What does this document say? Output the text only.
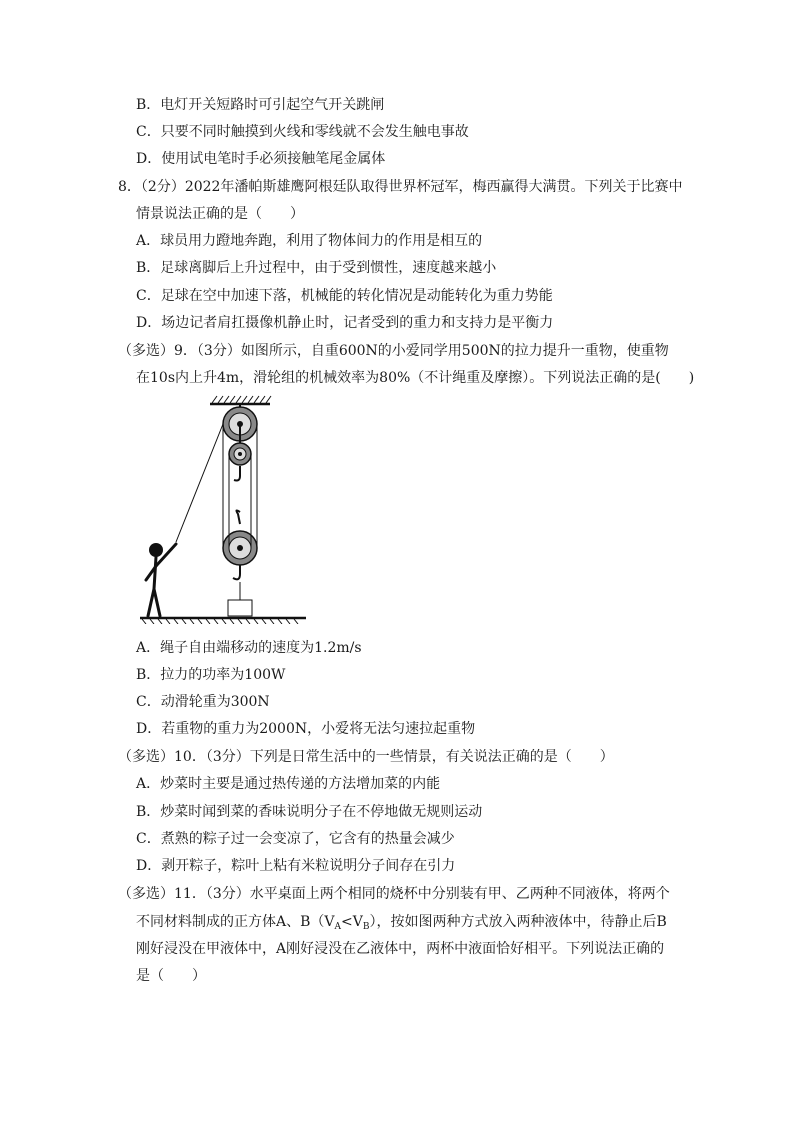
B．电灯开关短路时可引起空气开关跳闸
C．只要不同时触摸到火线和零线就不会发生触电事故
D．使用试电笔时手必须接触笔尾金属体
8．（2分）2022年潘帕斯雄鹰阿根廷队取得世界杯冠军，梅西赢得大满贯。下列关于比赛中
情景说法正确的是（　　）
A．球员用力蹬地奔跑，利用了物体间力的作用是相互的
B．足球离脚后上升过程中，由于受到惯性，速度越来越小
C．足球在空中加速下落，机械能的转化情况是动能转化为重力势能
D．场边记者肩扛摄像机静止时，记者受到的重力和支持力是平衡力
（多选）9．（3分）如图所示，自重600N的小爱同学用500N的拉力提升一重物，使重物
在10s内上升4m，滑轮组的机械效率为80%（不计绳重及摩擦）。下列说法正确的是(　　)
A．绳子自由端移动的速度为1.2m/s
B．拉力的功率为100W
C．动滑轮重为300N
D．若重物的重力为2000N，小爱将无法匀速拉起重物
（多选）10．（3分）下列是日常生活中的一些情景，有关说法正确的是（　　）
A．炒菜时主要是通过热传递的方法增加菜的内能
B．炒菜时闻到菜的香味说明分子在不停地做无规则运动
C．煮熟的粽子过一会变凉了，它含有的热量会减少
D．剥开粽子，粽叶上粘有米粒说明分子间存在引力
（多选）11．（3分）水平桌面上两个相同的烧杯中分别装有甲、乙两种不同液体，将两个
不同材料制成的正方体A、$B(V_A<V_B)$，按如图两种方式放入两种液体中，待静止后B
刚好浸没在甲液体中，A刚好浸没在乙液体中，两杯中液面恰好相平。下列说法正确的
是（　　）
